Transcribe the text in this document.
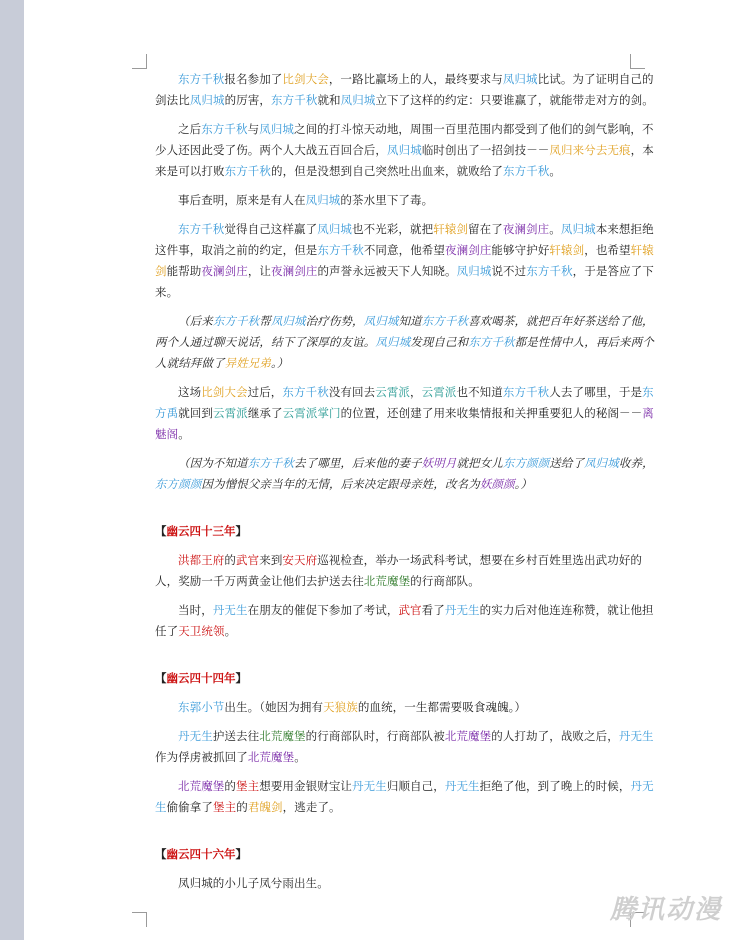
东方千秋报名参加了比剑大会，一路比赢场上的人，最终要求与凤归城比试。为了证明自己的剑法比凤归城的厉害，东方千秋就和凤归城立下了这样的约定：只要谁赢了，就能带走对方的剑。
之后东方千秋与凤归城之间的打斗惊天动地，周围一百里范围内都受到了他们的剑气影响，不少人还因此受了伤。两个人大战五百回合后，凤归城临时创出了一招剑技－－凤归来兮去无痕，本来是可以打败东方千秋的，但是没想到自己突然吐出血来，就败给了东方千秋。
事后查明，原来是有人在凤归城的茶水里下了毒。
东方千秋觉得自己这样赢了凤归城也不光彩，就把轩辕剑留在了夜澜剑庄。凤归城本来想拒绝这件事，取消之前的约定，但是东方千秋不同意，他希望夜澜剑庄能够守护好轩辕剑，也希望轩辕剑能帮助夜澜剑庄，让夜澜剑庄的声誉永远被天下人知晓。凤归城说不过东方千秋，于是答应了下来。
（后来东方千秋帮凤归城治疗伤势，凤归城知道东方千秋喜欢喝茶，就把百年好茶送给了他，两个人通过聊天说话，结下了深厚的友谊。凤归城发现自己和东方千秋都是性情中人，再后来两个人就结拜做了异姓兄弟。）
这场比剑大会过后，东方千秋没有回去云霄派，云霄派也不知道东方千秋人去了哪里，于是东方禹就回到云霄派继承了云霄派掌门的位置，还创建了用来收集情报和关押重要犯人的秘阁－－离魅阁。
（因为不知道东方千秋去了哪里，后来他的妻子妖明月就把女儿东方颜颜送给了凤归城收养，东方颜颜因为憎恨父亲当年的无情，后来决定跟母亲姓，改名为妖颜颜。）
【幽云四十三年】
洪都王府的武官来到安天府巡视检查，举办一场武科考试，想要在乡村百姓里选出武功好的人，奖励一千万两黄金让他们去护送去往北荒魔堡的行商部队。
当时，丹无生在朋友的催促下参加了考试，武官看了丹无生的实力后对他连连称赞，就让他担任了天卫统领。
【幽云四十四年】
东郭小节出生。（她因为拥有天狼族的血统，一生都需要吸食魂魄。）
丹无生护送去往北荒魔堡的行商部队时，行商部队被北荒魔堡的人打劫了，战败之后，丹无生作为俘虏被抓回了北荒魔堡。
北荒魔堡的堡主想要用金银财宝让丹无生归顺自己，丹无生拒绝了他，到了晚上的时候，丹无生偷偷拿了堡主的君魄剑，逃走了。
【幽云四十六年】
凤归城的小儿子凤兮雨出生。
腾讯动漫
